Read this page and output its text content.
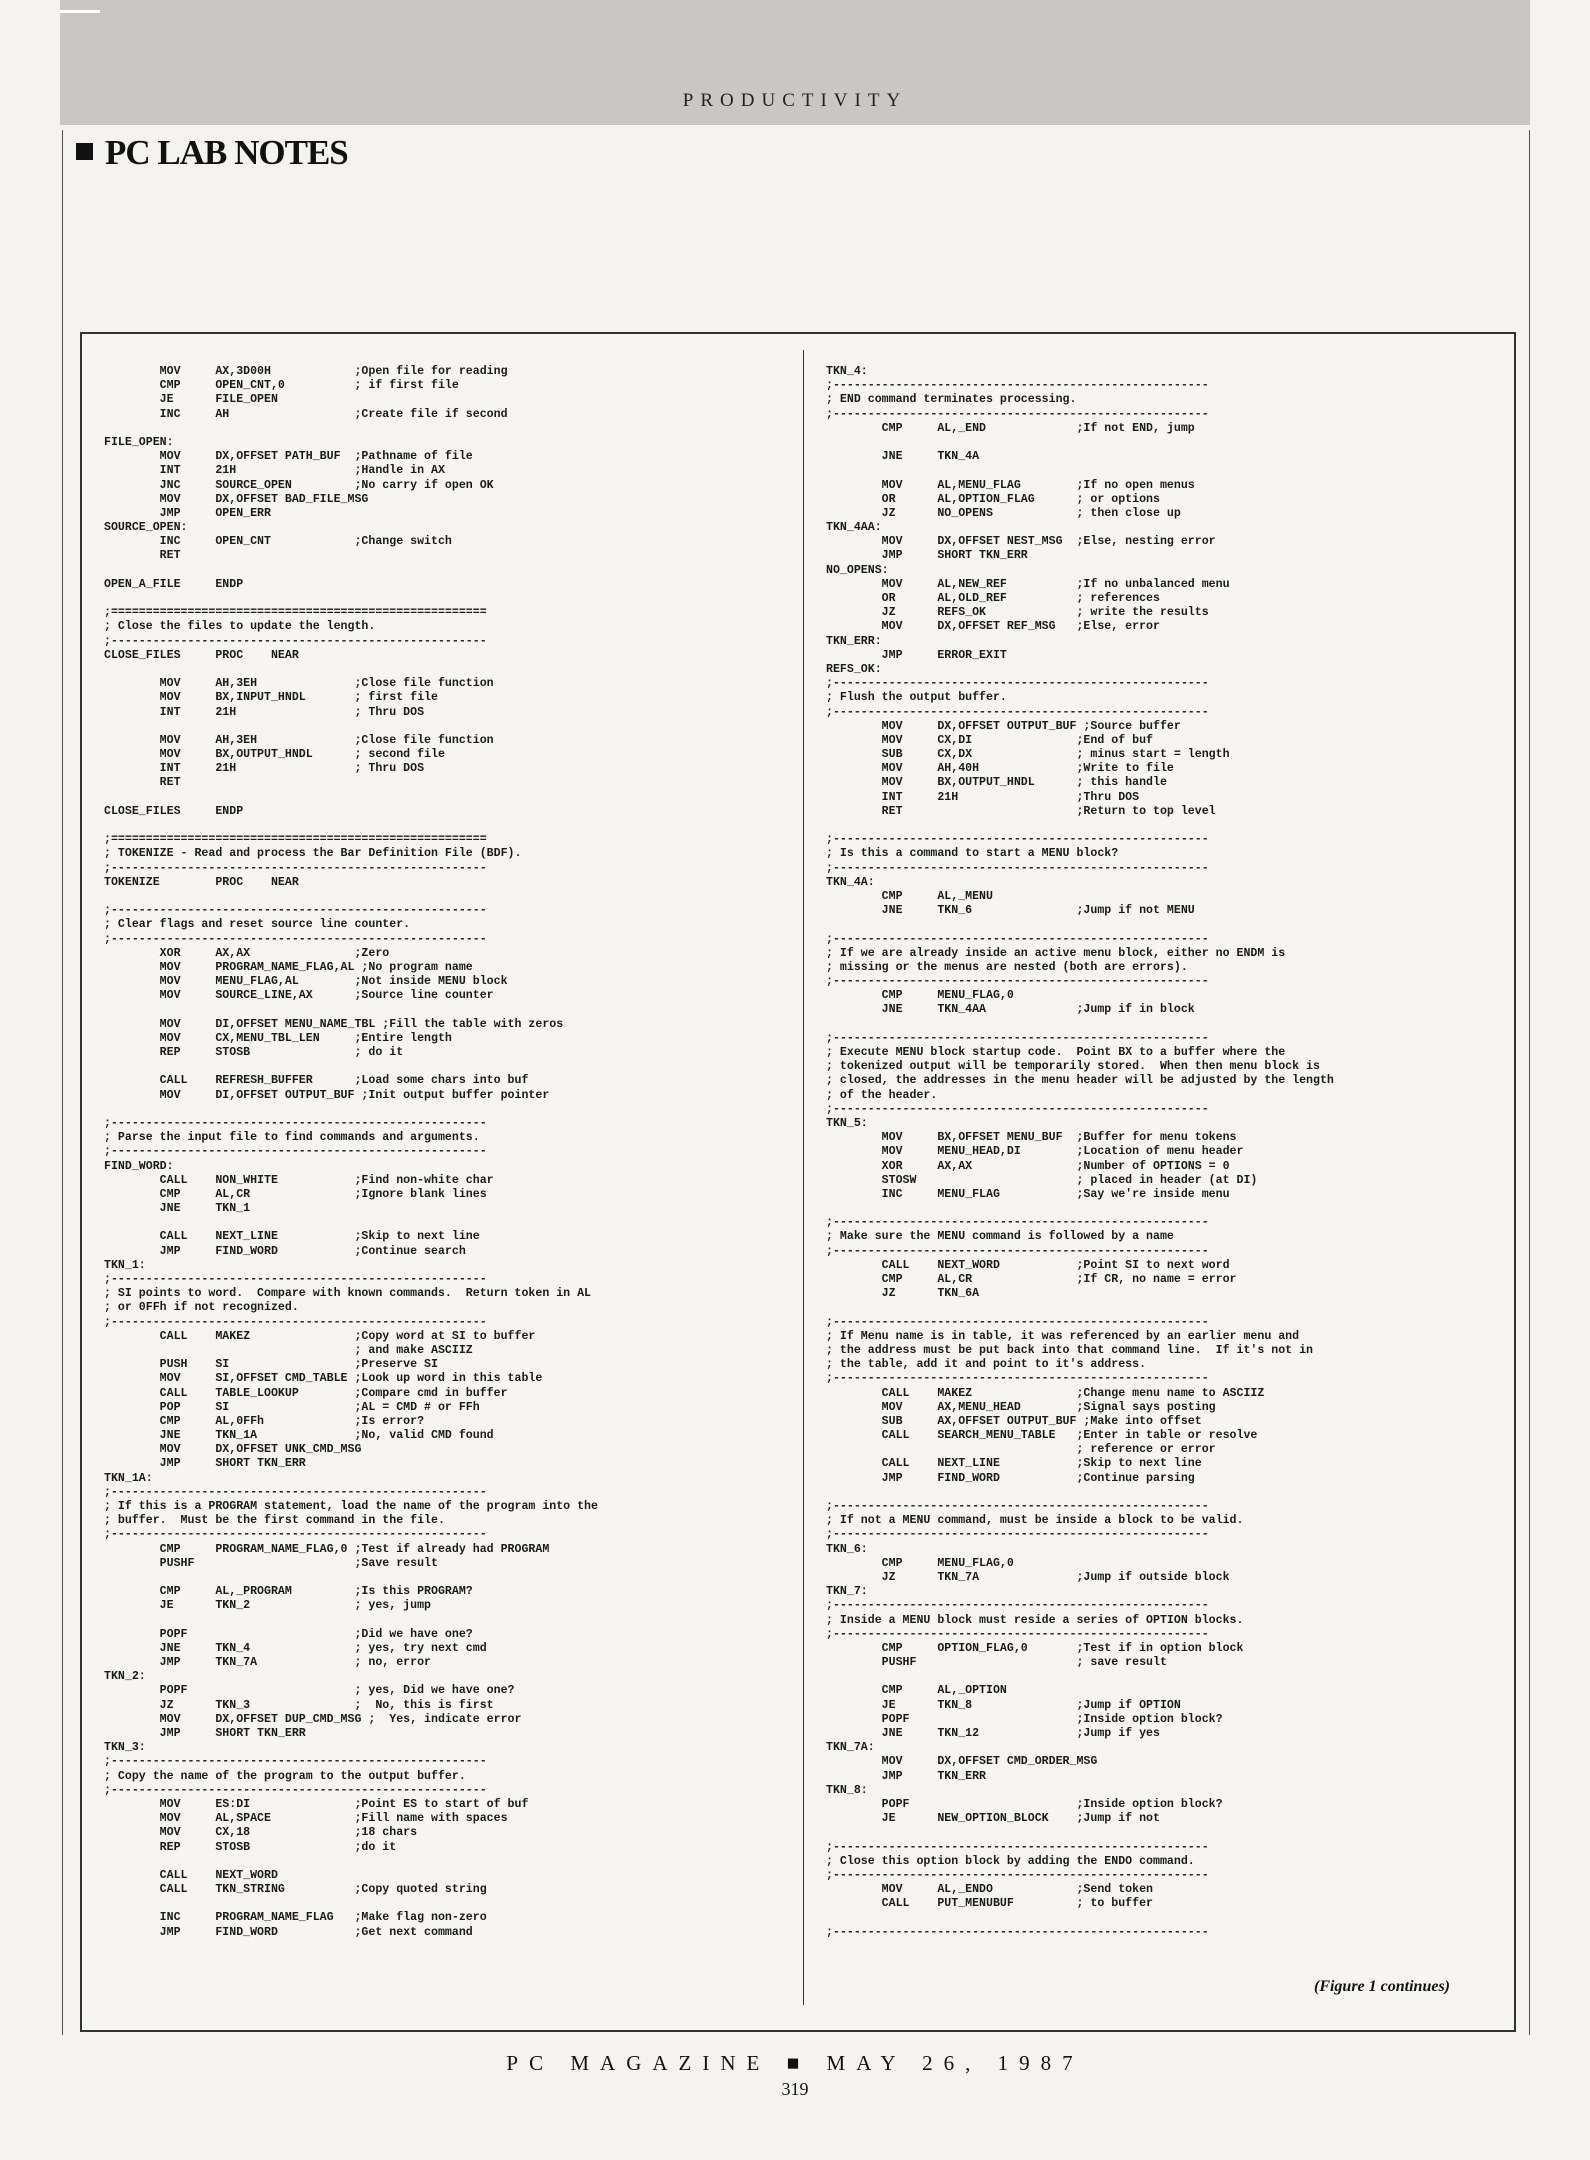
PRODUCTIVITY
PC LAB NOTES
MOV     AX,3D00H            ;Open file for reading
CMP     OPEN_CNT,0          ; if first file
JE      FILE_OPEN
INC     AH                  ;Create file if second
FILE_OPEN:
MOV     DX,OFFSET PATH_BUF  ;Pathname of file
INT     21H                 ;Handle in AX
JNC     SOURCE_OPEN         ;No carry if open OK
MOV     DX,OFFSET BAD_FILE_MSG
JMP     OPEN_ERR
SOURCE_OPEN:
INC     OPEN_CNT            ;Change switch
RET
OPEN_A_FILE     ENDP
;======================================================
; Close the files to update the length.
;------------------------------------------------------
CLOSE_FILES     PROC    NEAR
MOV     AH,3EH              ;Close file function
MOV     BX,INPUT_HNDL       ; first file
INT     21H                 ; Thru DOS
MOV     AH,3EH              ;Close file function
MOV     BX,OUTPUT_HNDL      ; second file
INT     21H                 ; Thru DOS
RET
CLOSE_FILES     ENDP
;======================================================
; TOKENIZE - Read and process the Bar Definition File (BDF).
;------------------------------------------------------
TOKENIZE        PROC    NEAR
;------------------------------------------------------
; Clear flags and reset source line counter.
;------------------------------------------------------
XOR     AX,AX               ;Zero
MOV     PROGRAM_NAME_FLAG,AL ;No program name
MOV     MENU_FLAG,AL        ;Not inside MENU block
MOV     SOURCE_LINE,AX      ;Source line counter
MOV     DI,OFFSET MENU_NAME_TBL ;Fill the table with zeros
MOV     CX,MENU_TBL_LEN     ;Entire length
REP     STOSB               ; do it
CALL    REFRESH_BUFFER      ;Load some chars into buf
MOV     DI,OFFSET OUTPUT_BUF ;Init output buffer pointer
;------------------------------------------------------
; Parse the input file to find commands and arguments.
;------------------------------------------------------
FIND_WORD:
CALL    NON_WHITE           ;Find non-white char
CMP     AL,CR               ;Ignore blank lines
JNE     TKN_1
CALL    NEXT_LINE           ;Skip to next line
JMP     FIND_WORD           ;Continue search
TKN_1:
;------------------------------------------------------
; SI points to word.  Compare with known commands.  Return token in AL
; or 0FFh if not recognized.
;------------------------------------------------------
CALL    MAKEZ               ;Copy word at SI to buffer
; and make ASCIIZ
PUSH    SI                  ;Preserve SI
MOV     SI,OFFSET CMD_TABLE ;Look up word in this table
CALL    TABLE_LOOKUP        ;Compare cmd in buffer
POP     SI                  ;AL = CMD # or FFh
CMP     AL,0FFh             ;Is error?
JNE     TKN_1A              ;No, valid CMD found
MOV     DX,OFFSET UNK_CMD_MSG
JMP     SHORT TKN_ERR
TKN_1A:
;------------------------------------------------------
; If this is a PROGRAM statement, load the name of the program into the
; buffer.  Must be the first command in the file.
;------------------------------------------------------
CMP     PROGRAM_NAME_FLAG,0 ;Test if already had PROGRAM
PUSHF                       ;Save result
CMP     AL,_PROGRAM         ;Is this PROGRAM?
JE      TKN_2               ; yes, jump
POPF                        ;Did we have one?
JNE     TKN_4               ; yes, try next cmd
JMP     TKN_7A              ; no, error
TKN_2:
POPF                        ; yes, Did we have one?
JZ      TKN_3               ;  No, this is first
MOV     DX,OFFSET DUP_CMD_MSG ;  Yes, indicate error
JMP     SHORT TKN_ERR
TKN_3:
;------------------------------------------------------
; Copy the name of the program to the output buffer.
;------------------------------------------------------
MOV     ES:DI               ;Point ES to start of buf
MOV     AL,SPACE            ;Fill name with spaces
MOV     CX,18               ;18 chars
REP     STOSB               ;do it
CALL    NEXT_WORD
CALL    TKN_STRING          ;Copy quoted string
INC     PROGRAM_NAME_FLAG   ;Make flag non-zero
JMP     FIND_WORD           ;Get next command
TKN_4:
;------------------------------------------------------
; END command terminates processing.
;------------------------------------------------------
CMP     AL,_END             ;If not END, jump
JNE     TKN_4A
MOV     AL,MENU_FLAG        ;If no open menus
OR      AL,OPTION_FLAG      ; or options
JZ      NO_OPENS            ; then close up
TKN_4AA:
MOV     DX,OFFSET NEST_MSG  ;Else, nesting error
JMP     SHORT TKN_ERR
NO_OPENS:
MOV     AL,NEW_REF          ;If no unbalanced menu
OR      AL,OLD_REF          ; references
JZ      REFS_OK             ; write the results
MOV     DX,OFFSET REF_MSG   ;Else, error
TKN_ERR:
JMP     ERROR_EXIT
REFS_OK:
;------------------------------------------------------
; Flush the output buffer.
;------------------------------------------------------
MOV     DX,OFFSET OUTPUT_BUF ;Source buffer
MOV     CX,DI               ;End of buf
SUB     CX,DX               ; minus start = length
MOV     AH,40H              ;Write to file
MOV     BX,OUTPUT_HNDL      ; this handle
INT     21H                 ;Thru DOS
RET                         ;Return to top level
;------------------------------------------------------
; Is this a command to start a MENU block?
;------------------------------------------------------
TKN_4A:
CMP     AL,_MENU
JNE     TKN_6               ;Jump if not MENU
;------------------------------------------------------
; If we are already inside an active menu block, either no ENDM is
; missing or the menus are nested (both are errors).
;------------------------------------------------------
CMP     MENU_FLAG,0
JNE     TKN_4AA             ;Jump if in block
;------------------------------------------------------
; Execute MENU block startup code.  Point BX to a buffer where the
; tokenized output will be temporarily stored.  When then menu block is
; closed, the addresses in the menu header will be adjusted by the length
; of the header.
;------------------------------------------------------
TKN_5:
MOV     BX,OFFSET MENU_BUF  ;Buffer for menu tokens
MOV     MENU_HEAD,DI        ;Location of menu header
XOR     AX,AX               ;Number of OPTIONS = 0
STOSW                       ; placed in header (at DI)
INC     MENU_FLAG           ;Say we're inside menu
;------------------------------------------------------
; Make sure the MENU command is followed by a name
;------------------------------------------------------
CALL    NEXT_WORD           ;Point SI to next word
CMP     AL,CR               ;If CR, no name = error
JZ      TKN_6A
;------------------------------------------------------
; If Menu name is in table, it was referenced by an earlier menu and
; the address must be put back into that command line.  If it's not in
; the table, add it and point to it's address.
;------------------------------------------------------
CALL    MAKEZ               ;Change menu name to ASCIIZ
MOV     AX,MENU_HEAD        ;Signal says posting
SUB     AX,OFFSET OUTPUT_BUF ;Make into offset
CALL    SEARCH_MENU_TABLE   ;Enter in table or resolve
; reference or error
CALL    NEXT_LINE           ;Skip to next line
JMP     FIND_WORD           ;Continue parsing
;------------------------------------------------------
; If not a MENU command, must be inside a block to be valid.
;------------------------------------------------------
TKN_6:
CMP     MENU_FLAG,0
JZ      TKN_7A              ;Jump if outside block
TKN_7:
;------------------------------------------------------
; Inside a MENU block must reside a series of OPTION blocks.
;------------------------------------------------------
CMP     OPTION_FLAG,0       ;Test if in option block
PUSHF                       ; save result
CMP     AL,_OPTION
JE      TKN_8               ;Jump if OPTION
POPF                        ;Inside option block?
JNE     TKN_12              ;Jump if yes
TKN_7A:
MOV     DX,OFFSET CMD_ORDER_MSG
JMP     TKN_ERR
TKN_8:
POPF                        ;Inside option block?
JE      NEW_OPTION_BLOCK    ;Jump if not
;------------------------------------------------------
; Close this option block by adding the ENDO command.
;------------------------------------------------------
MOV     AL,_ENDO            ;Send token
CALL    PUT_MENUBUF         ; to buffer
;------------------------------------------------------
(Figure 1 continues)
PC MAGAZINE ■ MAY 26, 1987
319
